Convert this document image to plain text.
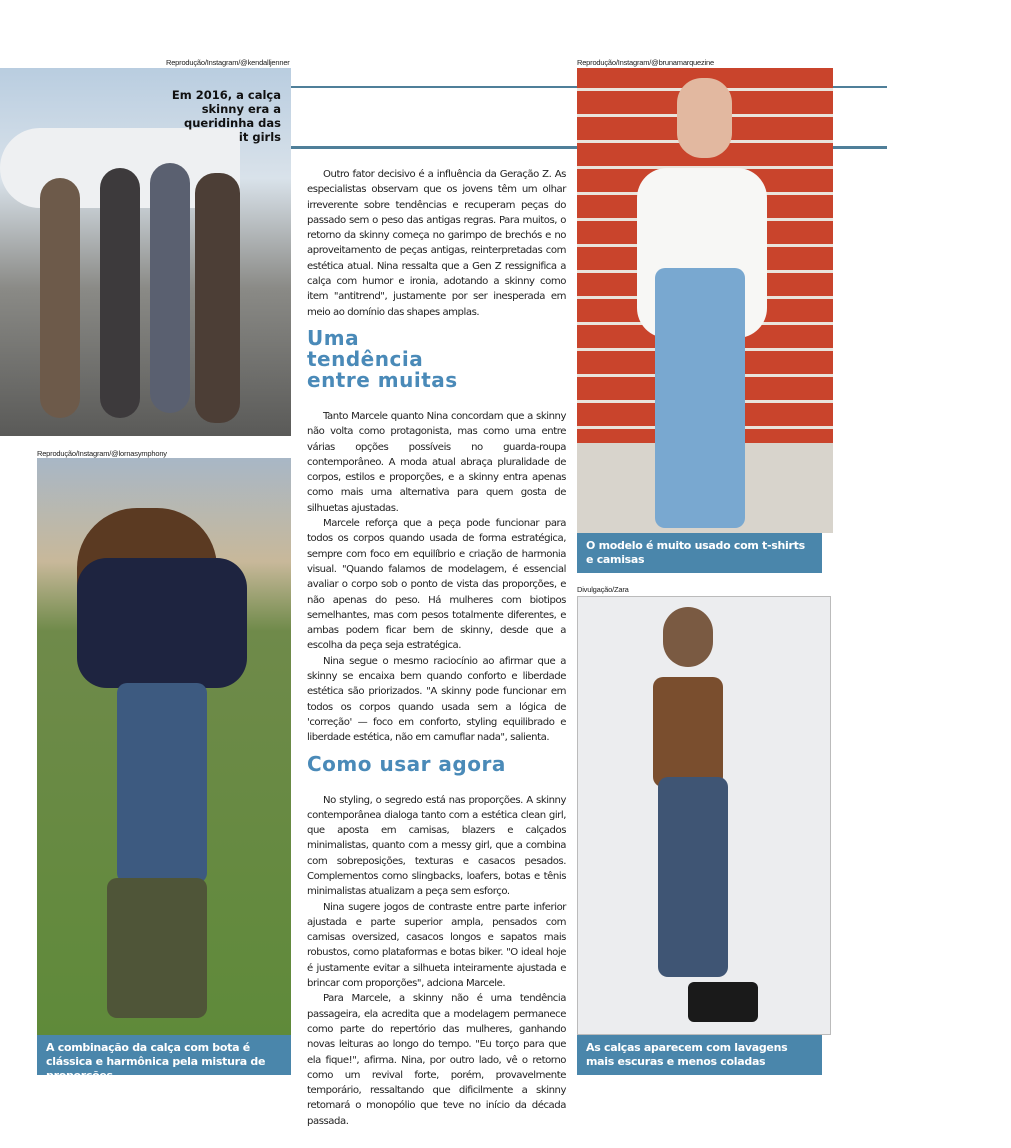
Reprodução/Instagram/@kendalljenner
Em 2016, a calça skinny era a queridinha das it girls
Reprodução/Instagram/@lornasymphony
A combinação da calça com bota é clássica e harmônica pela mistura de proporções
Reprodução/Instagram/@brunamarquezine
O modelo é muito usado com t-shirts e camisas
Divulgação/Zara
As calças aparecem com lavagens mais escuras e menos coladas

Outro fator decisivo é a influência da Geração Z. As especialistas observam que os jovens têm um olhar irreverente sobre tendências e recuperam peças do passado sem o peso das antigas regras. Para muitos, o retorno da skinny começa no garimpo de brechós e no aproveitamento de peças antigas, reinterpretadas com estética atual. Nina ressalta que a Gen Z ressignifica a calça com humor e ironia, adotando a skinny como item "antitrend", justamente por ser inesperada em meio ao domínio das shapes amplas.

Uma tendência entre muitas

Tanto Marcele quanto Nina concordam que a skinny não volta como protagonista, mas como uma entre várias opções possíveis no guarda-roupa contemporâneo. A moda atual abraça pluralidade de corpos, estilos e proporções, e a skinny entra apenas como mais uma alternativa para quem gosta de silhuetas ajustadas.

Marcele reforça que a peça pode funcionar para todos os corpos quando usada de forma estratégica, sempre com foco em equilíbrio e criação de harmonia visual. "Quando falamos de modelagem, é essencial avaliar o corpo sob o ponto de vista das proporções, e não apenas do peso. Há mulheres com biotipos semelhantes, mas com pesos totalmente diferentes, e ambas podem ficar bem de skinny, desde que a escolha da peça seja estratégica.

Nina segue o mesmo raciocínio ao afirmar que a skinny se encaixa bem quando conforto e liberdade estética são priorizados. "A skinny pode funcionar em todos os corpos quando usada sem a lógica de 'correção' — foco em conforto, styling equilibrado e liberdade estética, não em camuflar nada", salienta.

Como usar agora

No styling, o segredo está nas proporções. A skinny contemporânea dialoga tanto com a estética clean girl, que aposta em camisas, blazers e calçados minimalistas, quanto com a messy girl, que a combina com sobreposições, texturas e casacos pesados. Complementos como slingbacks, loafers, botas e tênis minimalistas atualizam a peça sem esforço.

Nina sugere jogos de contraste entre parte inferior ajustada e parte superior ampla, pensados com camisas oversized, casacos longos e sapatos mais robustos, como plataformas e botas biker. "O ideal hoje é justamente evitar a silhueta inteiramente ajustada e brincar com proporções", adciona Marcele.

Para Marcele, a skinny não é uma tendência passageira, ela acredita que a modelagem permanece como parte do repertório das mulheres, ganhando novas leituras ao longo do tempo. "Eu torço para que ela fique!", afirma. Nina, por outro lado, vê o retorno como um revival forte, porém, provavelmente temporário, ressaltando que dificilmente a skinny retomará o monopólio que teve no início da década passada.
